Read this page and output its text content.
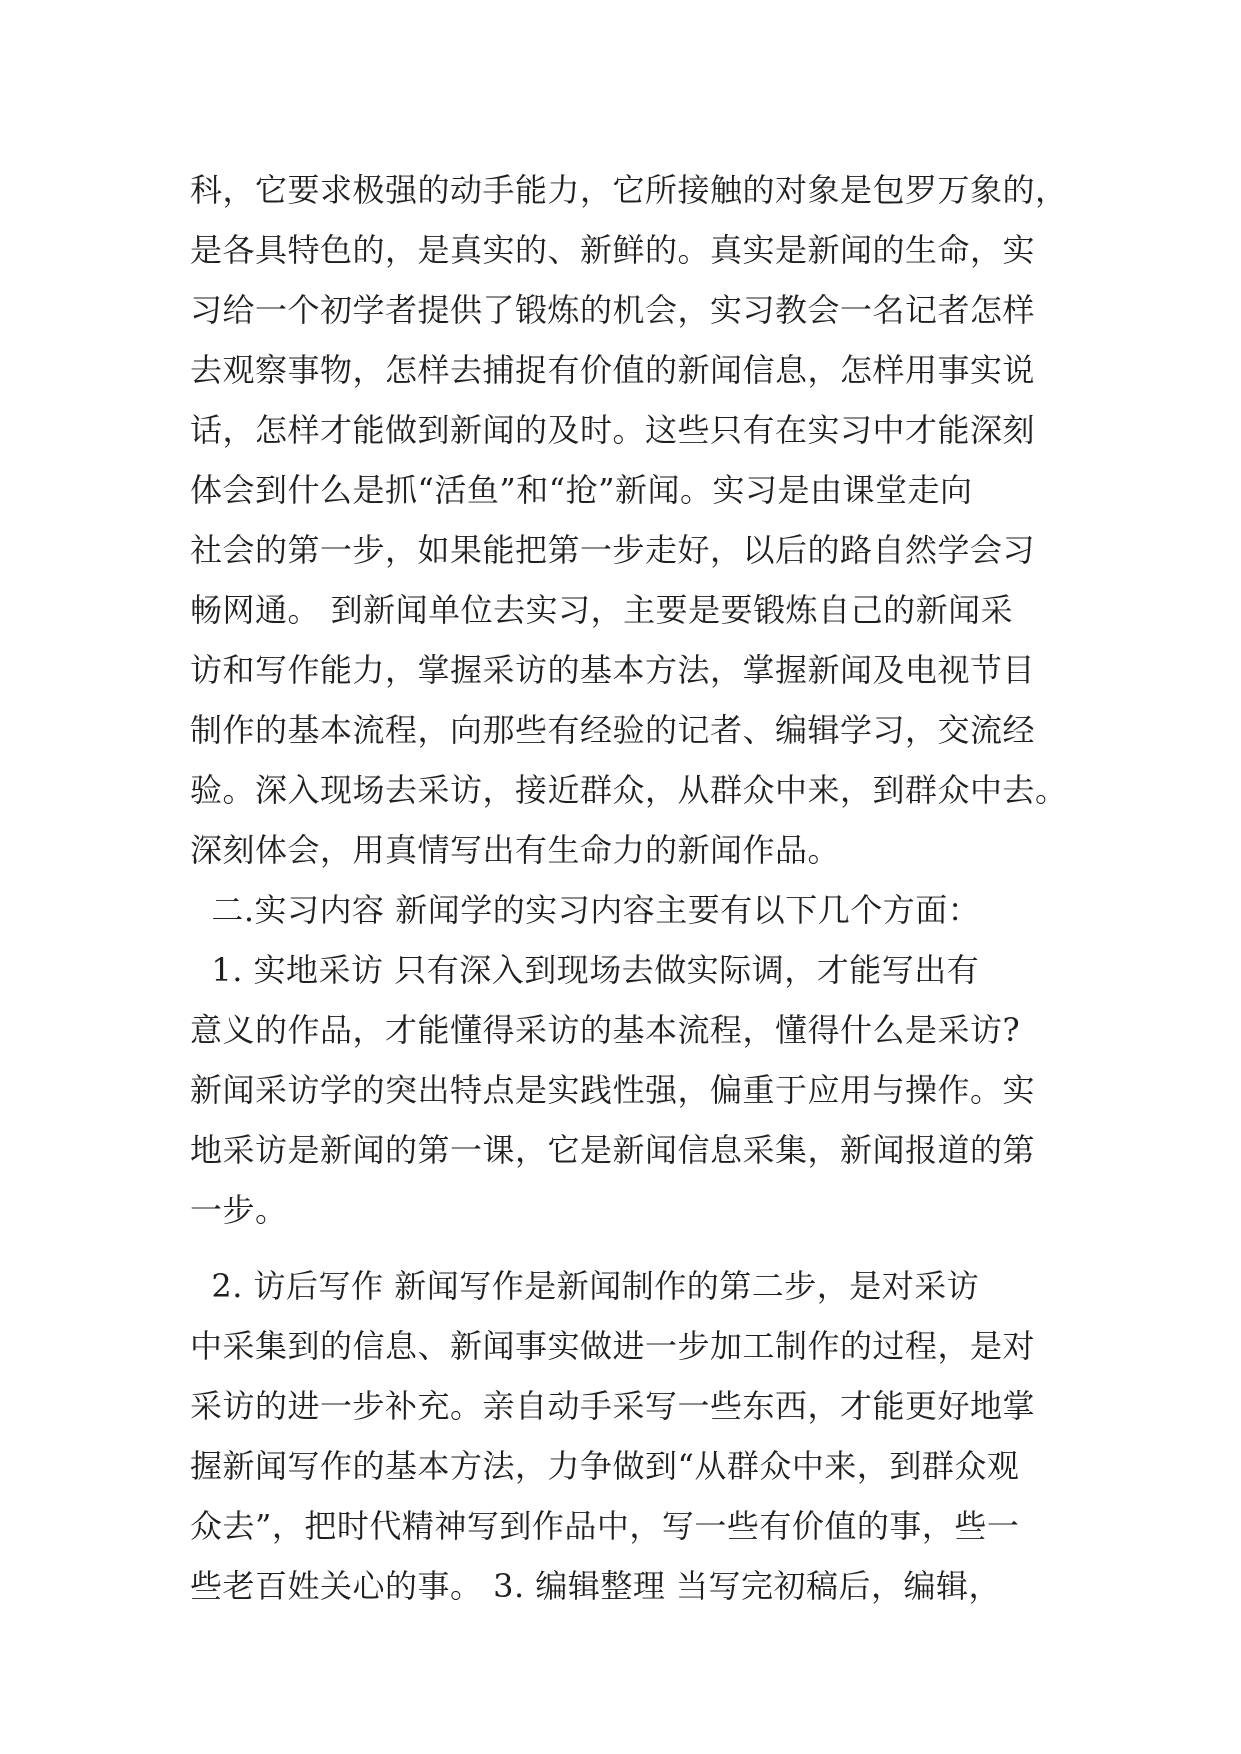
科，它要求极强的动手能力，它所接触的对象是包罗万象的，
是各具特色的，是真实的、新鲜的。真实是新闻的生命，实
习给一个初学者提供了锻炼的机会，实习教会一名记者怎样
去观察事物，怎样去捕捉有价值的新闻信息，怎样用事实说
话，怎样才能做到新闻的及时。这些只有在实习中才能深刻
体会到什么是抓“活鱼”和“抢”新闻。实习是由课堂走向
社会的第一步，如果能把第一步走好，以后的路自然学会习
畅网通。 到新闻单位去实习，主要是要锻炼自己的新闻采
访和写作能力，掌握采访的基本方法，掌握新闻及电视节目
制作的基本流程，向那些有经验的记者、编辑学习，交流经
验。深入现场去采访，接近群众，从群众中来，到群众中去。
深刻体会，用真情写出有生命力的新闻作品。
二.实习内容 新闻学的实习内容主要有以下几个方面：
1. 实地采访 只有深入到现场去做实际调，才能写出有
意义的作品，才能懂得采访的基本流程，懂得什么是采访?
新闻采访学的突出特点是实践性强，偏重于应用与操作。实
地采访是新闻的第一课，它是新闻信息采集，新闻报道的第
一步。
2. 访后写作 新闻写作是新闻制作的第二步，是对采访
中采集到的信息、新闻事实做进一步加工制作的过程，是对
采访的进一步补充。亲自动手采写一些东西，才能更好地掌
握新闻写作的基本方法，力争做到“从群众中来，到群众观
众去”，把时代精神写到作品中，写一些有价值的事，些一
些老百姓关心的事。 3. 编辑整理 当写完初稿后，编辑，
